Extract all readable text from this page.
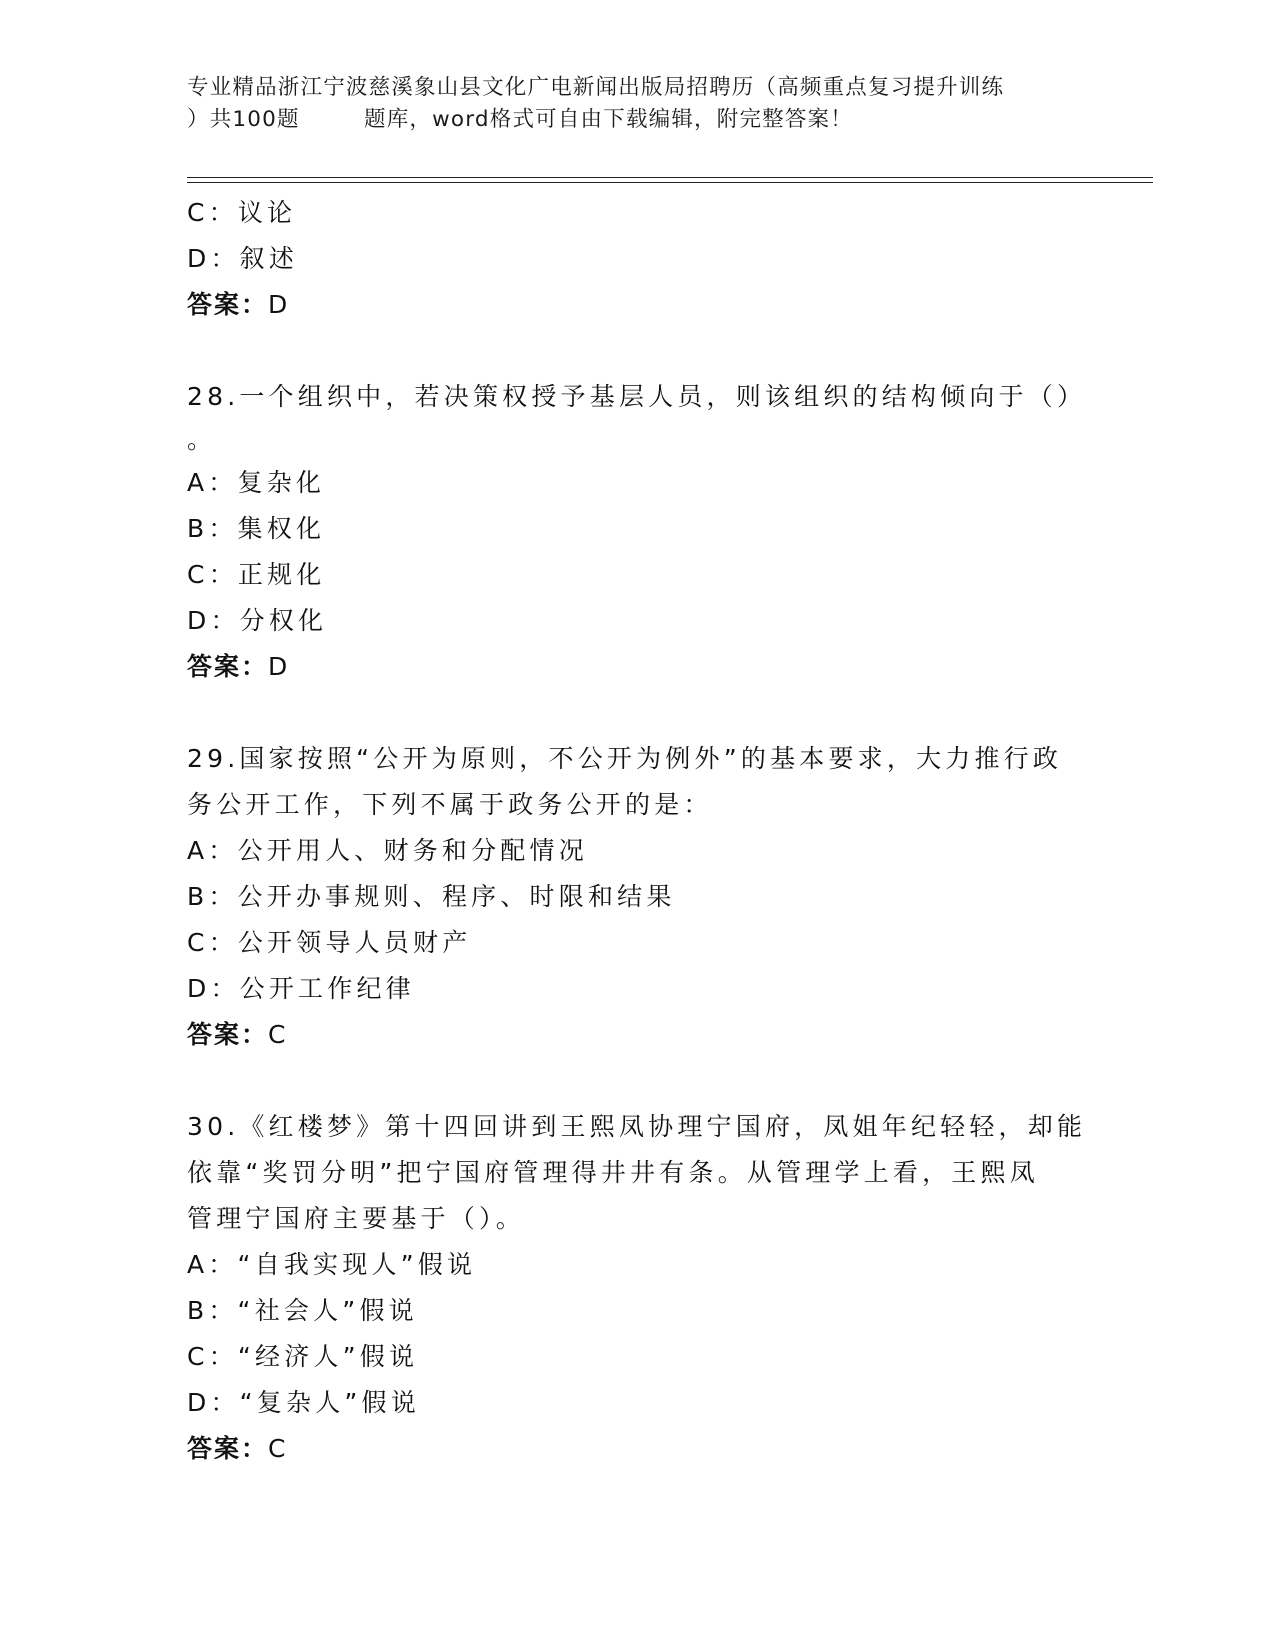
专业精品浙江宁波慈溪象山县文化广电新闻出版局招聘历（高频重点复习提升训练
）共100题        题库，word格式可自由下载编辑，附完整答案！
C：议论
D：叙述
答案：D
28.一个组织中，若决策权授予基层人员，则该组织的结构倾向于（）
。
A：复杂化
B：集权化
C：正规化
D：分权化
答案：D
29.国家按照“公开为原则，不公开为例外”的基本要求，大力推行政
务公开工作，下列不属于政务公开的是：
A：公开用人、财务和分配情况
B：公开办事规则、程序、时限和结果
C：公开领导人员财产
D：公开工作纪律
答案：C
30.《红楼梦》第十四回讲到王熙凤协理宁国府，凤姐年纪轻轻，却能
依靠“奖罚分明”把宁国府管理得井井有条。从管理学上看，王熙凤
管理宁国府主要基于（）。
A：“自我实现人”假说
B：“社会人”假说
C：“经济人”假说
D：“复杂人”假说
答案：C
